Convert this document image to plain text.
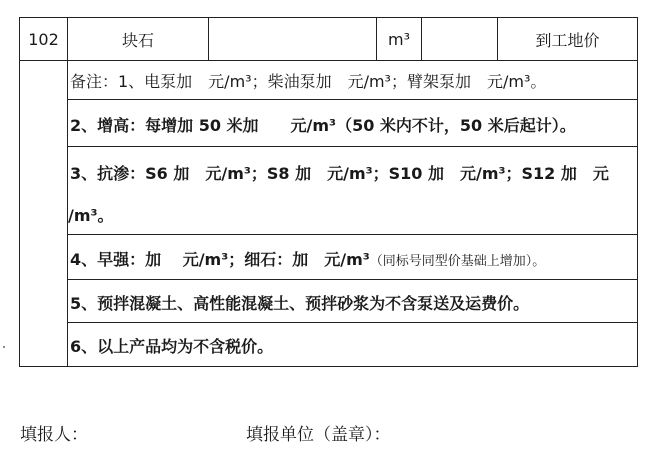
102	块石	m³	到工地价
备注：1、电泵加　元/m³；柴油泵加　元/m³；臂架泵加　元/m³。
2、增高：每增加 50 米加　　元/m³（50 米内不计，50 米后起计）。
3、抗渗：S6 加　元/m³；S8 加　元/m³；S10 加　元/m³；S12 加　元
/m³。
4、早强：加　 元/m³；细石：加　元/m³（同标号同型价基础上增加）。
5、预拌混凝土、高性能混凝土、预拌砂浆为不含泵送及运费价。
6、以上产品均为不含税价。
填报人：	填报单位（盖章）：
